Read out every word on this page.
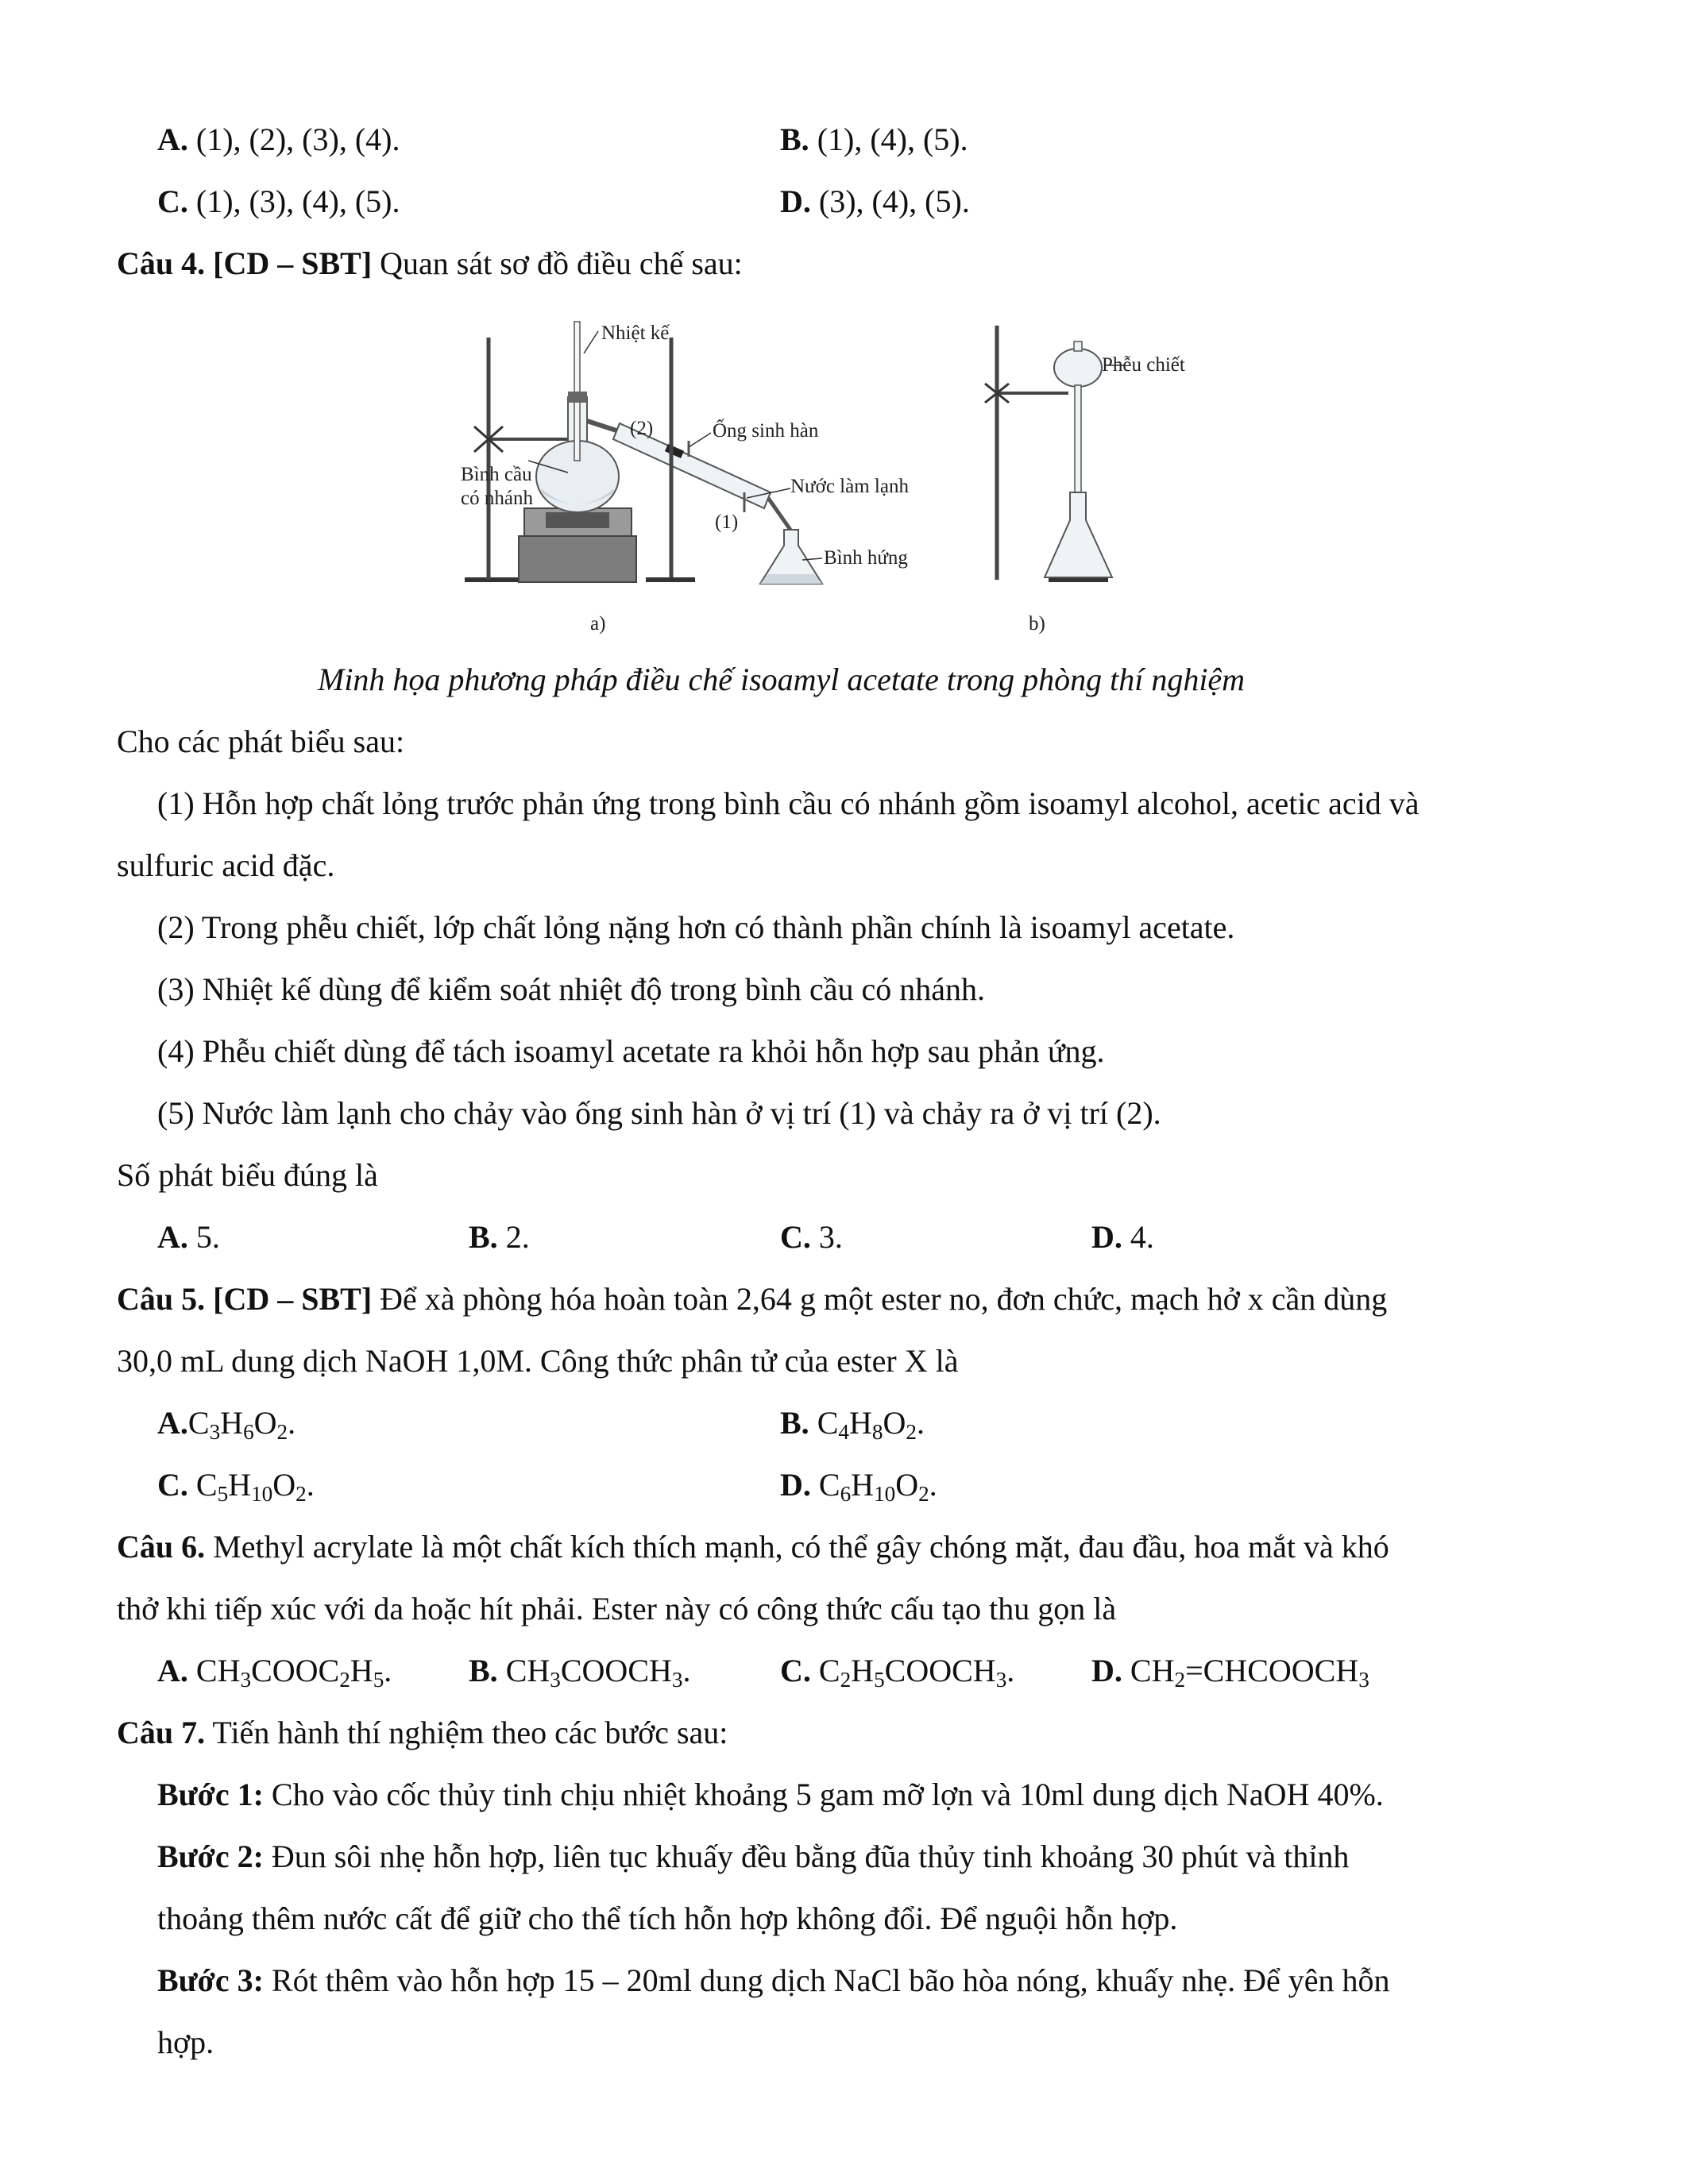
A. (1), (2), (3), (4).	B. (1), (4), (5).
C. (1), (3), (4), (5).	D. (3), (4), (5).
Câu 4. [CD – SBT] Quan sát sơ đồ điều chế sau:
Nhiệt kế
Ống sinh hàn
Bình cầu
có nhánh
Nước làm lạnh
Bình hứng
Phễu chiết
(2)
(1)
a)	b)
Minh họa phương pháp điều chế isoamyl acetate trong phòng thí nghiệm
Cho các phát biểu sau:
(1) Hỗn hợp chất lỏng trước phản ứng trong bình cầu có nhánh gồm isoamyl alcohol, acetic acid và
sulfuric acid đặc.
(2) Trong phễu chiết, lớp chất lỏng nặng hơn có thành phần chính là isoamyl acetate.
(3) Nhiệt kế dùng để kiểm soát nhiệt độ trong bình cầu có nhánh.
(4) Phễu chiết dùng để tách isoamyl acetate ra khỏi hỗn hợp sau phản ứng.
(5) Nước làm lạnh cho chảy vào ống sinh hàn ở vị trí (1) và chảy ra ở vị trí (2).
Số phát biểu đúng là
A. 5.	B. 2.	C. 3.	D. 4.
Câu 5. [CD – SBT] Để xà phòng hóa hoàn toàn 2,64 g một ester no, đơn chức, mạch hở x cần dùng
30,0 mL dung dịch NaOH 1,0M. Công thức phân tử của ester X là
$A.C_3H_6O_2$.	B. $C_4H_8O_2$.
C. $C_5H_{10}O_2$.	D. $C_6H_{10}O_2$.
Câu 6. Methyl acrylate là một chất kích thích mạnh, có thể gây chóng mặt, đau đầu, hoa mắt và khó
thở khi tiếp xúc với da hoặc hít phải. Ester này có công thức cấu tạo thu gọn là
A. $CH_3COOC_2H_5$. B. $CH_3COOCH_3$.	C. $C_2H_5COOCH_3$. D. $CH_2=CHCOOCH_3$
Câu 7. Tiến hành thí nghiệm theo các bước sau:
Bước 1: Cho vào cốc thủy tinh chịu nhiệt khoảng 5 gam mỡ lợn và 10ml dung dịch NaOH 40%.
Bước 2: Đun sôi nhẹ hỗn hợp, liên tục khuấy đều bằng đũa thủy tinh khoảng 30 phút và thỉnh
thoảng thêm nước cất để giữ cho thể tích hỗn hợp không đổi. Để nguội hỗn hợp.
Bước 3: Rót thêm vào hỗn hợp 15 – 20ml dung dịch NaCl bão hòa nóng, khuấy nhẹ. Để yên hỗn
hợp.
